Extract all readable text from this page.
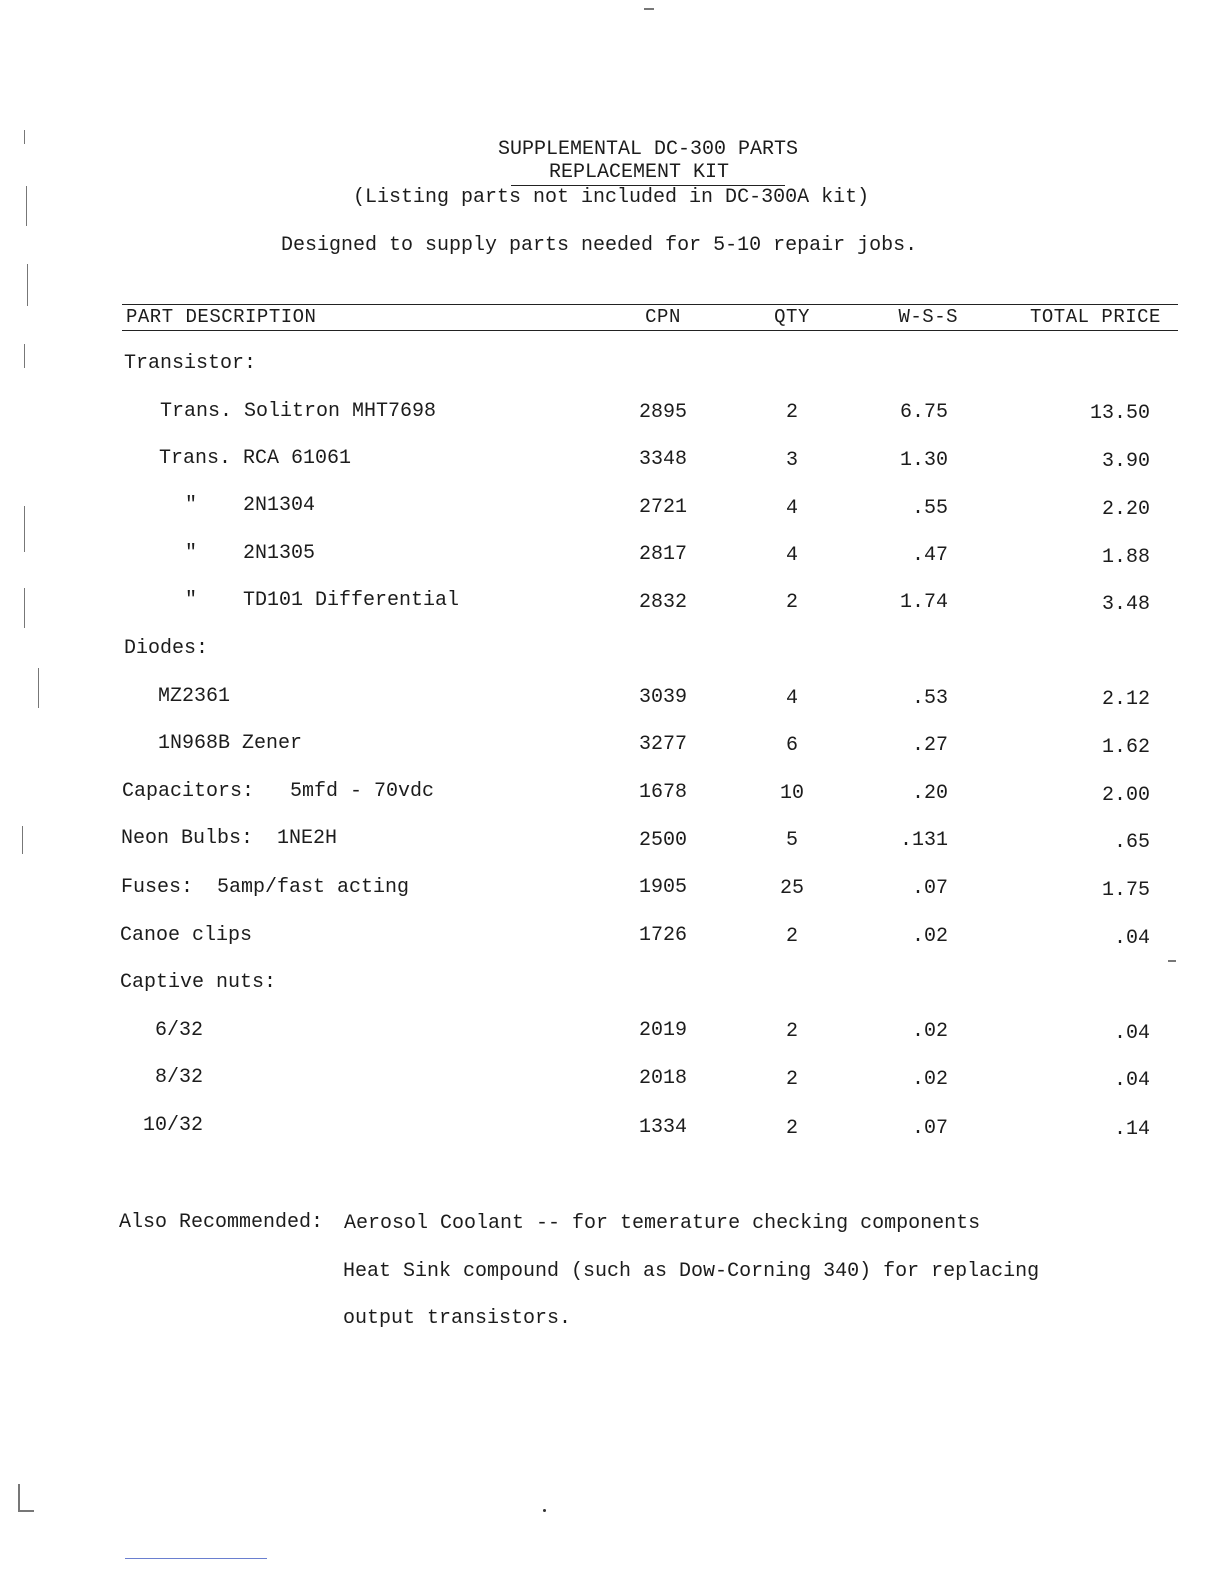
SUPPLEMENTAL DC-300 PARTS
REPLACEMENT KIT
(Listing parts not included in DC-300A kit)
Designed to supply parts needed for 5-10 repair jobs.
PART DESCRIPTION	CPN	QTY	W-S-S	TOTAL PRICE
Transistor:
Trans. Solitron MHT7698	2895	2	6.75	13.50
Trans. RCA 61061	3348	3	1.30	3.90
" 2N1304	2721	4	.55	2.20
" 2N1305	2817	4	.47	1.88
" TD101 Differential	2832	2	1.74	3.48
Diodes:
MZ2361	3039	4	.53	2.12
1N968B Zener	3277	6	.27	1.62
Capacitors:   5mfd - 70vdc	1678	10	.20	2.00
Neon Bulbs:  1NE2H	2500	5	.131	.65
Fuses:  5amp/fast acting	1905	25	.07	1.75
Canoe clips	1726	2	.02	.04
Captive nuts:
6/32	2019	2	.02	.04
8/32	2018	2	.02	.04
10/32	1334	2	.07	.14
Also Recommended: Aerosol Coolant -- for temerature checking components
Heat Sink compound (such as Dow-Corning 340) for replacing
output transistors.
